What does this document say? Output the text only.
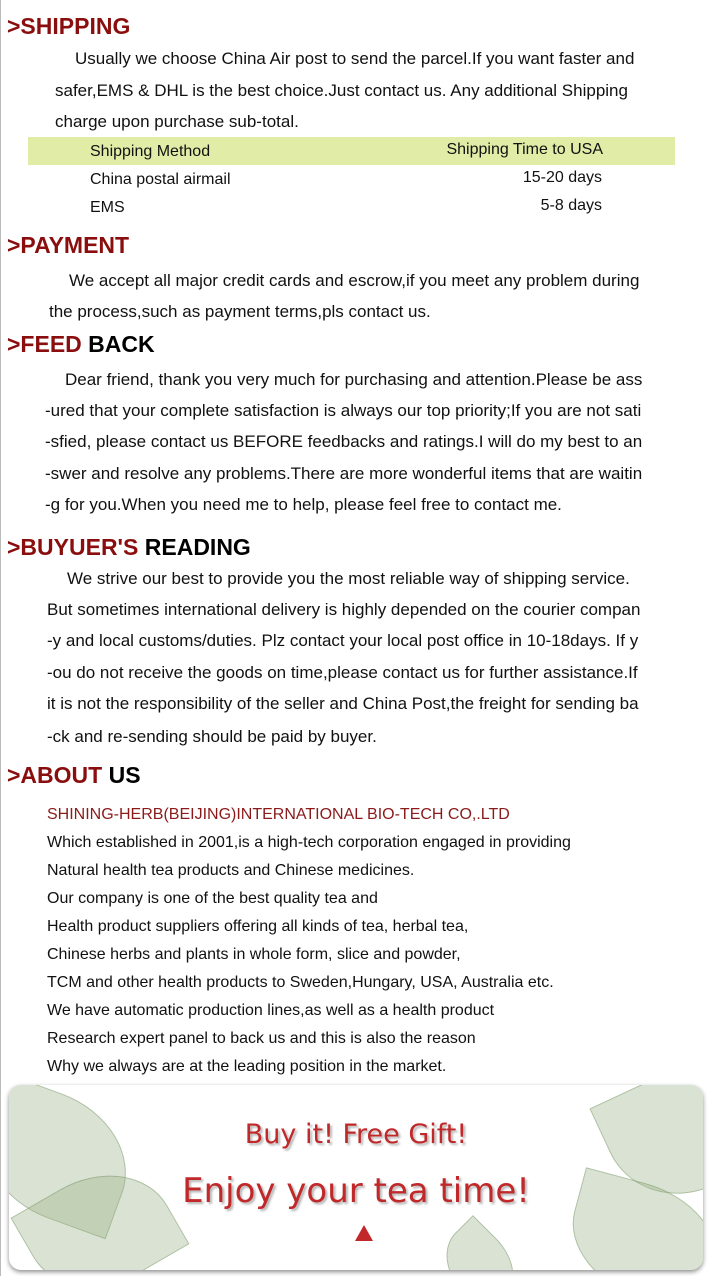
>SHIPPING
Usually we choose China Air post to send the parcel.If you want faster and
safer,EMS & DHL is the best choice.Just contact us. Any additional Shipping
charge upon purchase sub-total.
Shipping Method	Shipping Time to USA
China postal airmail	15-20 days
EMS	5-8 days
>PAYMENT
We accept all major credit cards and escrow,if you meet any problem during
the process,such as payment terms,pls contact us.
>FEED BACK
Dear friend, thank you very much for purchasing and attention.Please be ass
-ured that your complete satisfaction is always our top priority;If you are not sati
-sfied, please contact us BEFORE feedbacks and ratings.I will do my best to an
-swer and resolve any problems.There are more wonderful items that are waitin
-g for you.When you need me to help, please feel free to contact me.
>BUYUER'S READING
We strive our best to provide you the most reliable way of shipping service.
But sometimes international delivery is highly depended on the courier compan
-y and local customs/duties. Plz contact your local post office in 10-18days. If y
-ou do not receive the goods on time,please contact us for further assistance.If
it is not the responsibility of the seller and China Post,the freight for sending ba
-ck and re-sending should be paid by buyer.
>ABOUT US
SHINING-HERB(BEIJING)INTERNATIONAL BIO-TECH CO,.LTD
Which established in 2001,is a high-tech corporation engaged in providing
Natural health tea products and Chinese medicines.
Our company is one of the best quality tea and
Health product suppliers offering all kinds of tea, herbal tea,
Chinese herbs and plants in whole form, slice and powder,
TCM and other health products to Sweden,Hungary, USA, Australia etc.
We have automatic production lines,as well as a health product
Research expert panel to back us and this is also the reason
Why we always are at the leading position in the market.
Buy it! Free Gift!
Enjoy your tea time!
